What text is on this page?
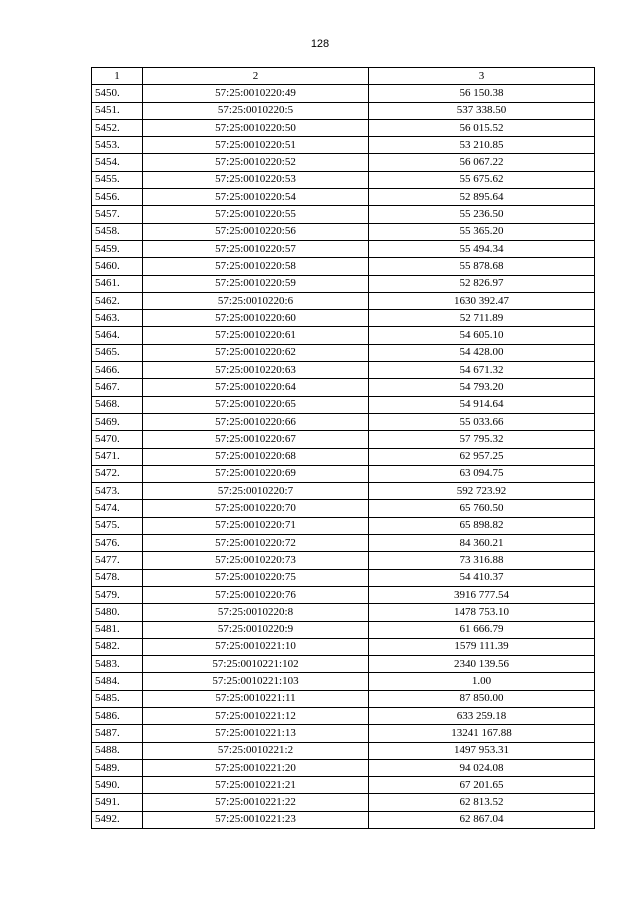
128
1	2	3
5450.	57:25:0010220:49	56 150.38
5451.	57:25:0010220:5	537 338.50
5452.	57:25:0010220:50	56 015.52
5453.	57:25:0010220:51	53 210.85
5454.	57:25:0010220:52	56 067.22
5455.	57:25:0010220:53	55 675.62
5456.	57:25:0010220:54	52 895.64
5457.	57:25:0010220:55	55 236.50
5458.	57:25:0010220:56	55 365.20
5459.	57:25:0010220:57	55 494.34
5460.	57:25:0010220:58	55 878.68
5461.	57:25:0010220:59	52 826.97
5462.	57:25:0010220:6	1630 392.47
5463.	57:25:0010220:60	52 711.89
5464.	57:25:0010220:61	54 605.10
5465.	57:25:0010220:62	54 428.00
5466.	57:25:0010220:63	54 671.32
5467.	57:25:0010220:64	54 793.20
5468.	57:25:0010220:65	54 914.64
5469.	57:25:0010220:66	55 033.66
5470.	57:25:0010220:67	57 795.32
5471.	57:25:0010220:68	62 957.25
5472.	57:25:0010220:69	63 094.75
5473.	57:25:0010220:7	592 723.92
5474.	57:25:0010220:70	65 760.50
5475.	57:25:0010220:71	65 898.82
5476.	57:25:0010220:72	84 360.21
5477.	57:25:0010220:73	73 316.88
5478.	57:25:0010220:75	54 410.37
5479.	57:25:0010220:76	3916 777.54
5480.	57:25:0010220:8	1478 753.10
5481.	57:25:0010220:9	61 666.79
5482.	57:25:0010221:10	1579 111.39
5483.	57:25:0010221:102	2340 139.56
5484.	57:25:0010221:103	1.00
5485.	57:25:0010221:11	87 850.00
5486.	57:25:0010221:12	633 259.18
5487.	57:25:0010221:13	13241 167.88
5488.	57:25:0010221:2	1497 953.31
5489.	57:25:0010221:20	94 024.08
5490.	57:25:0010221:21	67 201.65
5491.	57:25:0010221:22	62 813.52
5492.	57:25:0010221:23	62 867.04
